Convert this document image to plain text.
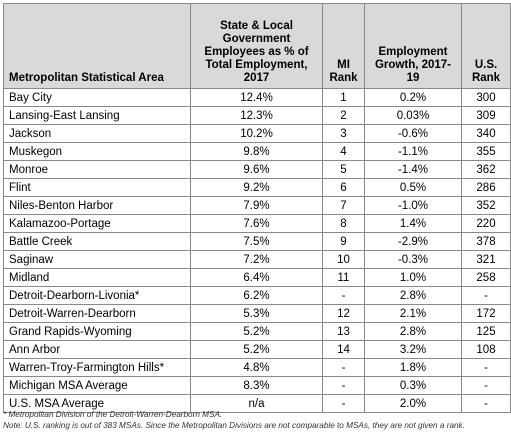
Metropolitan Statistical Area	State & Local Government Employees as % of Total Employment, 2017	MI Rank	Employment Growth, 2017-19	U.S. Rank
Bay City	12.4%	1	0.2%	300
Lansing-East Lansing	12.3%	2	0.03%	309
Jackson	10.2%	3	-0.6%	340
Muskegon	9.8%	4	-1.1%	355
Monroe	9.6%	5	-1.4%	362
Flint	9.2%	6	0.5%	286
Niles-Benton Harbor	7.9%	7	-1.0%	352
Kalamazoo-Portage	7.6%	8	1.4%	220
Battle Creek	7.5%	9	-2.9%	378
Saginaw	7.2%	10	-0.3%	321
Midland	6.4%	11	1.0%	258
Detroit-Dearborn-Livonia*	6.2%	-	2.8%	-
Detroit-Warren-Dearborn	5.3%	12	2.1%	172
Grand Rapids-Wyoming	5.2%	13	2.8%	125
Ann Arbor	5.2%	14	3.2%	108
Warren-Troy-Farmington Hills*	4.8%	-	1.8%	-
Michigan MSA Average	8.3%	-	0.3%	-
U.S. MSA Average	n/a	-	2.0%	-
* Metropolitan Division of the Detroit-Warren-Dearborn MSA.
Note: U.S. ranking is out of 383 MSAs. Since the Metropolitan Divisions are not comparable to MSAs, they are not given a rank.
